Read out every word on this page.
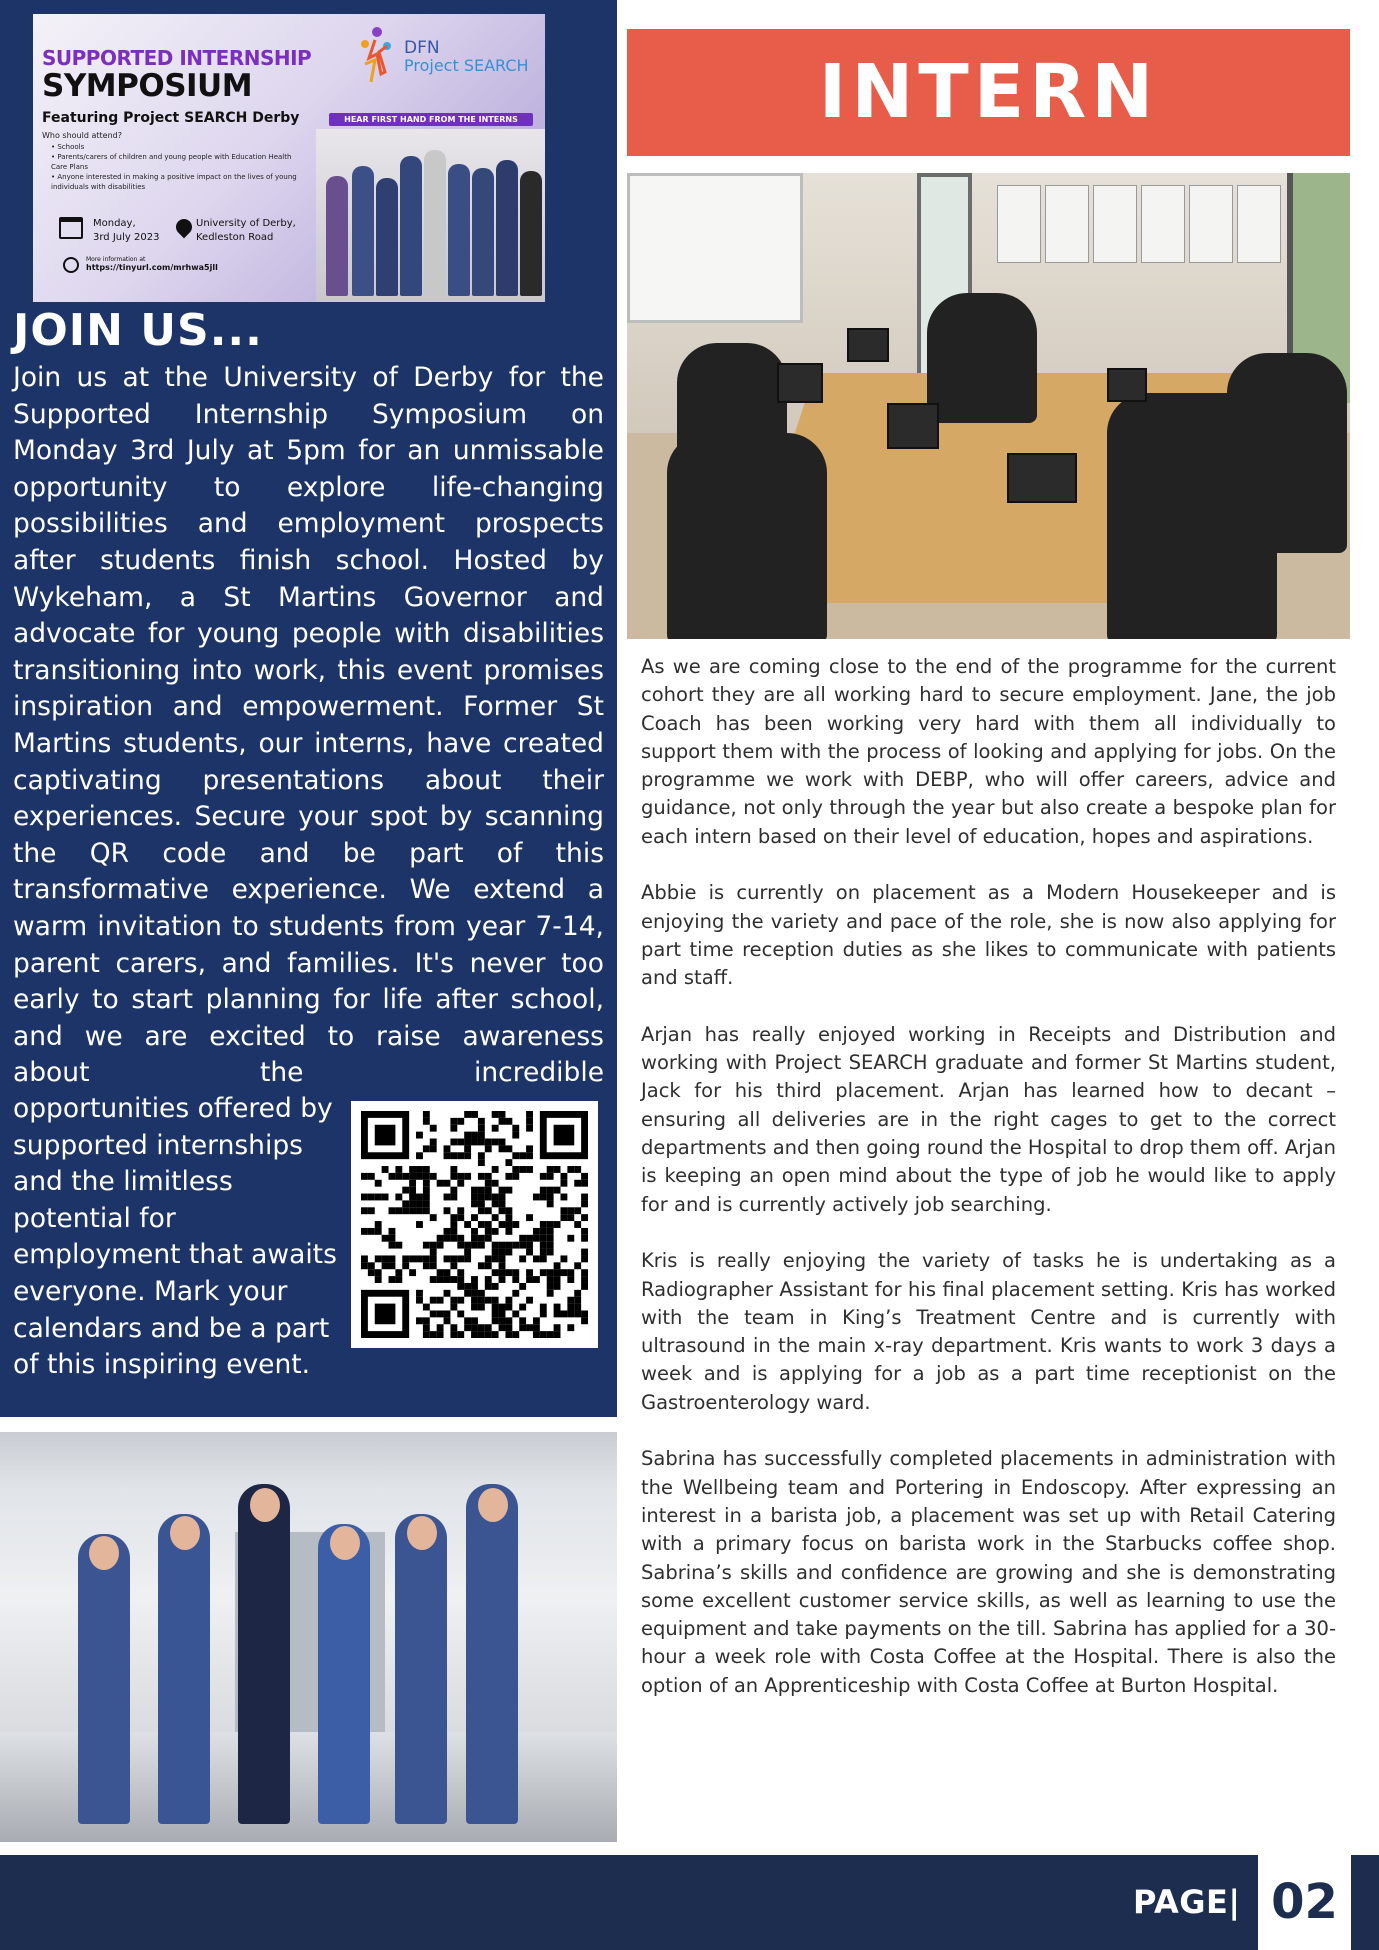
SUPPORTED INTERNSHIP
SYMPOSIUM
Featuring Project SEARCH Derby
Who should attend?
• Schools
• Parents/carers of children and young people with Education Health Care Plans
• Anyone interested in making a positive impact on the lives of young individuals with disabilities
Monday,
3rd July 2023
University of Derby,
Kedleston Road
More information at
https://tinyurl.com/mrhwa5jll
DFN
Project SEARCH
HEAR FIRST HAND FROM THE INTERNS
JOIN US...
Join us at the University of Derby for the Supported Internship Symposium on Monday 3rd July at 5pm for an unmissable opportunity to explore life-changing possibilities and employment prospects after students finish school. Hosted by Wykeham, a St Martins Governor and advocate for young people with disabilities transitioning into work, this event promises inspiration and empowerment. Former St Martins students, our interns, have created captivating presentations about their experiences. Secure your spot by scanning the QR code and be part of this transformative experience. We extend a warm invitation to students from year 7-14, parent carers, and families. It's never too early to start planning for life after school, and we are excited to raise awareness about the incredible
opportunities offered by supported internships and the limitless potential for employment that awaits everyone. Mark your calendars and be a part of this inspiring event.
INTERN

As we are coming close to the end of the programme for the current cohort they are all working hard to secure employment. Jane, the job Coach has been working very hard with them all individually to support them with the process of looking and applying for jobs. On the programme we work with DEBP, who will offer careers, advice and guidance, not only through the year but also create a bespoke plan for each intern based on their level of education, hopes and aspirations.

Abbie is currently on placement as a Modern Housekeeper and is enjoying the variety and pace of the role, she is now also applying for part time reception duties as she likes to communicate with patients and staff.

Arjan has really enjoyed working in Receipts and Distribution and working with Project SEARCH graduate and former St Martins student, Jack for his third placement. Arjan has learned how to decant – ensuring all deliveries are in the right cages to get to the correct departments and then going round the Hospital to drop them off. Arjan is keeping an open mind about the type of job he would like to apply for and is currently actively job searching.

Kris is really enjoying the variety of tasks he is undertaking as a Radiographer Assistant for his final placement setting. Kris has worked with the team in King’s Treatment Centre and is currently with ultrasound in the main x-ray department. Kris wants to work 3 days a week and is applying for a job as a part time receptionist on the Gastroenterology ward.

Sabrina has successfully completed placements in administration with the Wellbeing team and Portering in Endoscopy. After expressing an interest in a barista job, a placement was set up with Retail Catering with a primary focus on barista work in the Starbucks coffee shop. Sabrina’s skills and confidence are growing and she is demonstrating some excellent customer service skills, as well as learning to use the equipment and take payments on the till. Sabrina has applied for a 30-hour a week role with Costa Coffee at the Hospital. There is also the option of an Apprenticeship with Costa Coffee at Burton Hospital.

PAGE| 02
